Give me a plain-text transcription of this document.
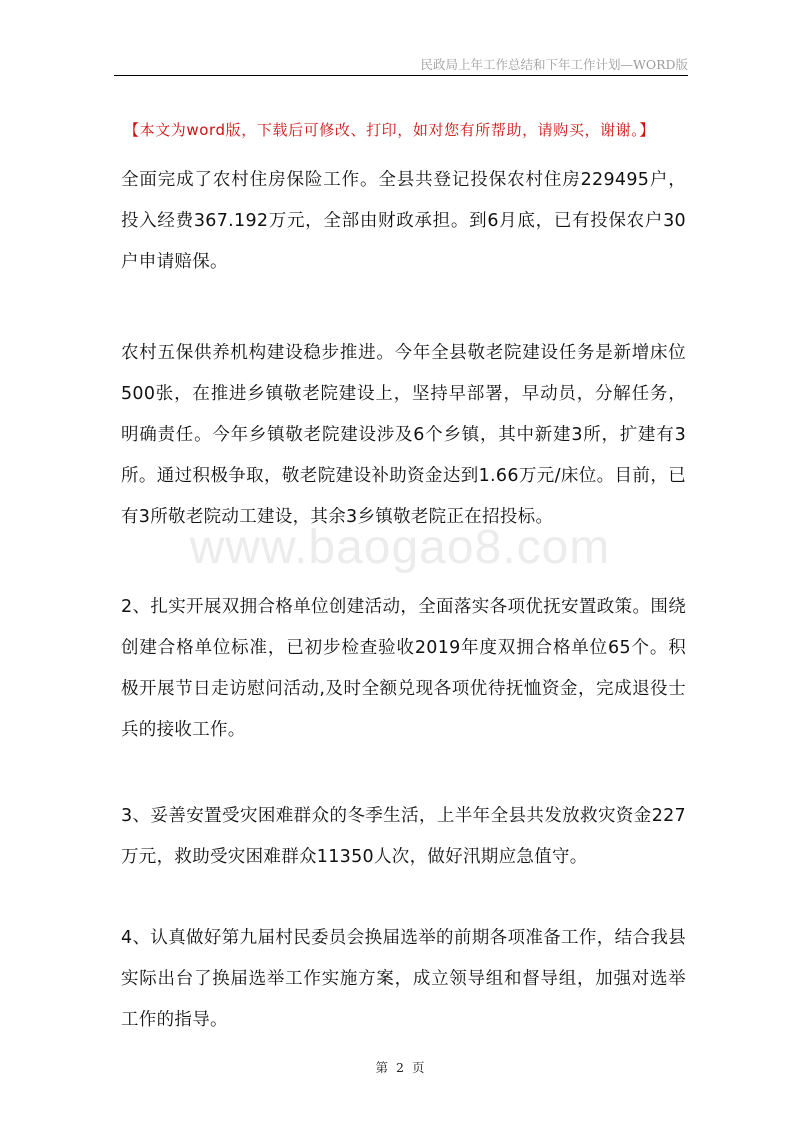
民政局上年工作总结和下年工作计划—WORD版
【本文为word版，下载后可修改、打印，如对您有所帮助，请购买，谢谢。】
www.baogao8.com

全面完成了农村住房保险工作。全县共登记投保农村住房229495户，投入经费367.192万元，全部由财政承担。到6月底，已有投保农户30户申请赔保。

农村五保供养机构建设稳步推进。今年全县敬老院建设任务是新增床位500张，在推进乡镇敬老院建设上，坚持早部署，早动员，分解任务，明确责任。今年乡镇敬老院建设涉及6个乡镇，其中新建3所，扩建有3所。通过积极争取，敬老院建设补助资金达到1.66万元/床位。目前，已有3所敬老院动工建设，其余3乡镇敬老院正在招投标。

2、扎实开展双拥合格单位创建活动，全面落实各项优抚安置政策。围绕创建合格单位标准，已初步检查验收2019年度双拥合格单位65个。积极开展节日走访慰问活动,及时全额兑现各项优待抚恤资金，完成退役士兵的接收工作。

3、妥善安置受灾困难群众的冬季生活，上半年全县共发放救灾资金227万元，救助受灾困难群众11350人次，做好汛期应急值守。

4、认真做好第九届村民委员会换届选举的前期各项准备工作，结合我县实际出台了换届选举工作实施方案，成立领导组和督导组，加强对选举工作的指导。

第 2 页
